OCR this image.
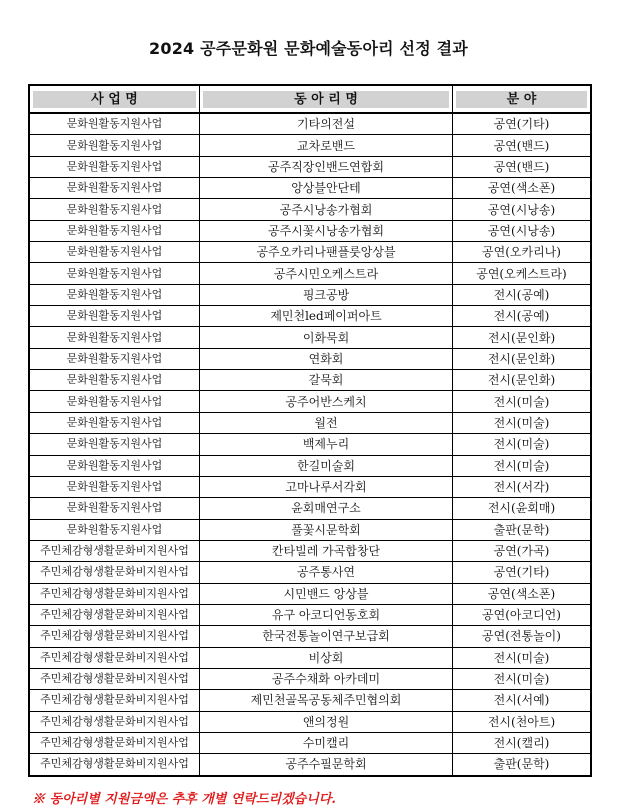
2024 공주문화원 문화예술동아리 선정 결과
사 업 명	동 아 리 명	분 야

문화원활동지원사업	기타의전설	공연(기타)
문화원활동지원사업	교차로밴드	공연(밴드)
문화원활동지원사업	공주직장인밴드연합회	공연(밴드)
문화원활동지원사업	앙상블안단테	공연(색소폰)
문화원활동지원사업	공주시낭송가협회	공연(시낭송)
문화원활동지원사업	공주시꽃시낭송가협회	공연(시낭송)
문화원활동지원사업	공주오카리나팬플룻앙상블	공연(오카리나)
문화원활동지원사업	공주시민오케스트라	공연(오케스트라)
문화원활동지원사업	핑크공방	전시(공예)
문화원활동지원사업	제민천led페이퍼아트	전시(공예)
문화원활동지원사업	이화묵회	전시(문인화)
문화원활동지원사업	연화회	전시(문인화)
문화원활동지원사업	갈묵회	전시(문인화)
문화원활동지원사업	공주어반스케치	전시(미술)
문화원활동지원사업	월전	전시(미술)
문화원활동지원사업	백제누리	전시(미술)
문화원활동지원사업	한길미술회	전시(미술)
문화원활동지원사업	고마나루서각회	전시(서각)
문화원활동지원사업	윤회매연구소	전시(윤회매)
문화원활동지원사업	풀꽃시문학회	출판(문학)
주민체감형생활문화비지원사업	칸타빌레 가곡합창단	공연(가곡)
주민체감형생활문화비지원사업	공주통사연	공연(기타)
주민체감형생활문화비지원사업	시민밴드 앙상블	공연(색소폰)
주민체감형생활문화비지원사업	유구 아코디언동호회	공연(아코디언)
주민체감형생활문화비지원사업	한국전통놀이연구보급회	공연(전통놀이)
주민체감형생활문화비지원사업	비상회	전시(미술)
주민체감형생활문화비지원사업	공주수채화 아카데미	전시(미술)
주민체감형생활문화비지원사업	제민천골목공동체주민협의회	전시(서예)
주민체감형생활문화비지원사업	앤의정원	전시(천아트)
주민체감형생활문화비지원사업	수미캘리	전시(캘리)
주민체감형생활문화비지원사업	공주수필문학회	출판(문학)
※ 동아리별 지원금액은 추후 개별 연락드리겠습니다.
